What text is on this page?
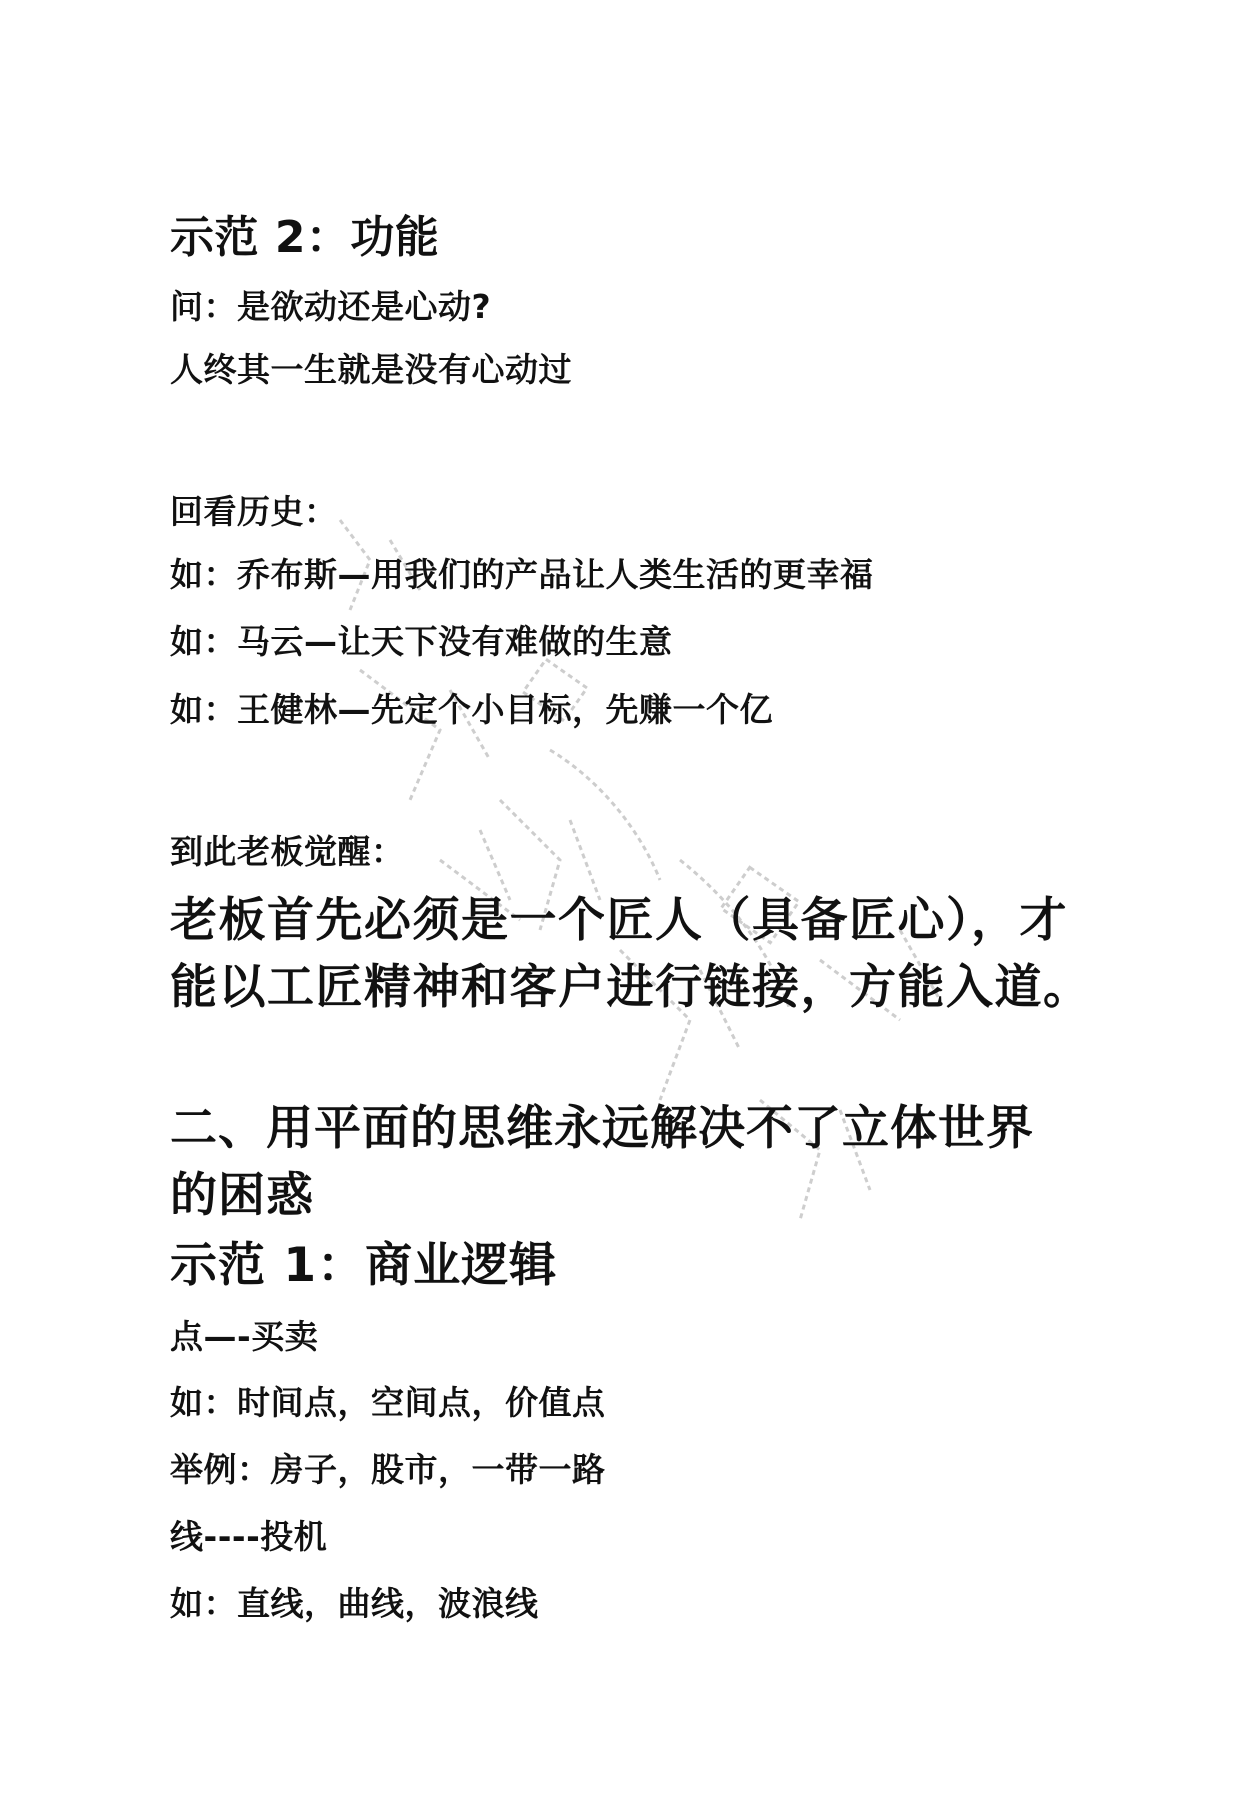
示范 2：功能
问：是欲动还是心动?
人终其一生就是没有心动过
回看历史：
如：乔布斯—用我们的产品让人类生活的更幸福
如：马云—让天下没有难做的生意
如：王健林—先定个小目标，先赚一个亿
到此老板觉醒：
老板首先必须是一个匠人（具备匠心），才
能以工匠精神和客户进行链接，方能入道。
二、用平面的思维永远解决不了立体世界
的困惑
示范 1：商业逻辑
点—-买卖
如：时间点，空间点，价值点
举例：房子，股市，一带一路
线----投机
如：直线，曲线，波浪线
